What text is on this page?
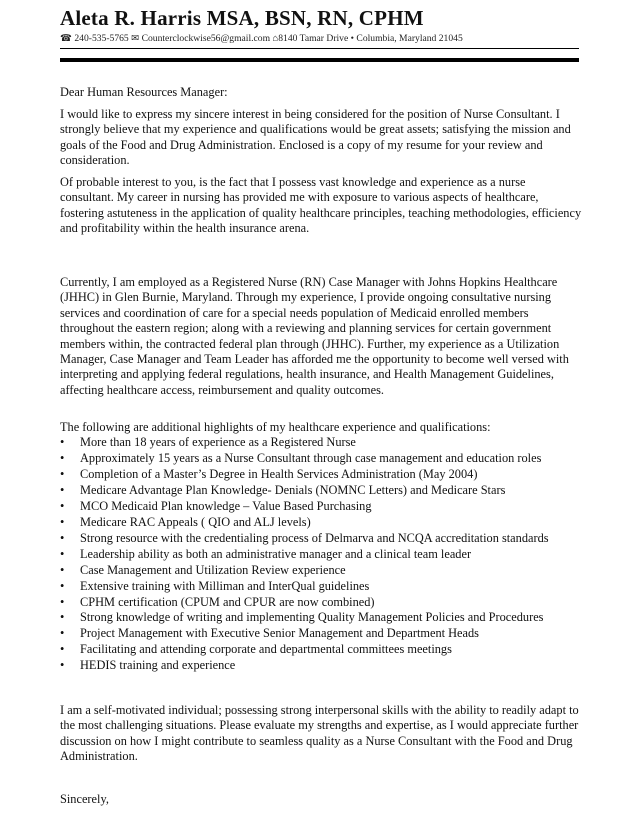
Aleta R. Harris MSA, BSN, RN, CPHM
☎ 240-535-5765 ✉ Counterclockwise56@gmail.com ⌂8140 Tamar Drive • Columbia, Maryland 21045

Dear Human Resources Manager:

I would like to express my sincere interest in being considered for the position of Nurse Consultant. I strongly believe that my experience and qualifications would be great assets; satisfying the mission and goals of the Food and Drug Administration. Enclosed is a copy of my resume for your review and consideration.

Of probable interest to you, is the fact that I possess vast knowledge and experience as a nurse consultant. My career in nursing has provided me with exposure to various aspects of healthcare, fostering astuteness in the application of quality healthcare principles, teaching methodologies, efficiency and profitability within the health insurance arena.

Currently, I am employed as a Registered Nurse (RN) Case Manager with Johns Hopkins Healthcare (JHHC) in Glen Burnie, Maryland. Through my experience, I provide ongoing consultative nursing services and coordination of care for a special needs population of Medicaid enrolled members throughout the eastern region; along with a reviewing and planning services for certain government members within, the contracted federal plan through (JHHC). Further, my experience as a Utilization Manager, Case Manager and Team Leader has afforded me the opportunity to become well versed with interpreting and applying federal regulations, health insurance, and Health Management Guidelines, affecting healthcare access, reimbursement and quality outcomes.

The following are additional highlights of my healthcare experience and qualifications:

• More than 18 years of experience as a Registered Nurse
• Approximately 15 years as a Nurse Consultant through case management and education roles
• Completion of a Master’s Degree in Health Services Administration (May 2004)
• Medicare Advantage Plan Knowledge- Denials (NOMNC Letters) and Medicare Stars
• MCO Medicaid Plan knowledge – Value Based Purchasing
• Medicare RAC Appeals ( QIO and ALJ levels)
• Strong resource with the credentialing process of Delmarva and NCQA accreditation standards
• Leadership ability as both an administrative manager and a clinical team leader
• Case Management and Utilization Review experience
• Extensive training with Milliman and InterQual guidelines
• CPHM certification (CPUM and CPUR are now combined)
• Strong knowledge of writing and implementing Quality Management Policies and Procedures
• Project Management with Executive Senior Management and Department Heads
• Facilitating and attending corporate and departmental committees meetings
• HEDIS training and experience

I am a self-motivated individual; possessing strong interpersonal skills with the ability to readily adapt to the most challenging situations. Please evaluate my strengths and expertise, as I would appreciate further discussion on how I might contribute to seamless quality as a Nurse Consultant with the Food and Drug Administration.

Sincerely,
